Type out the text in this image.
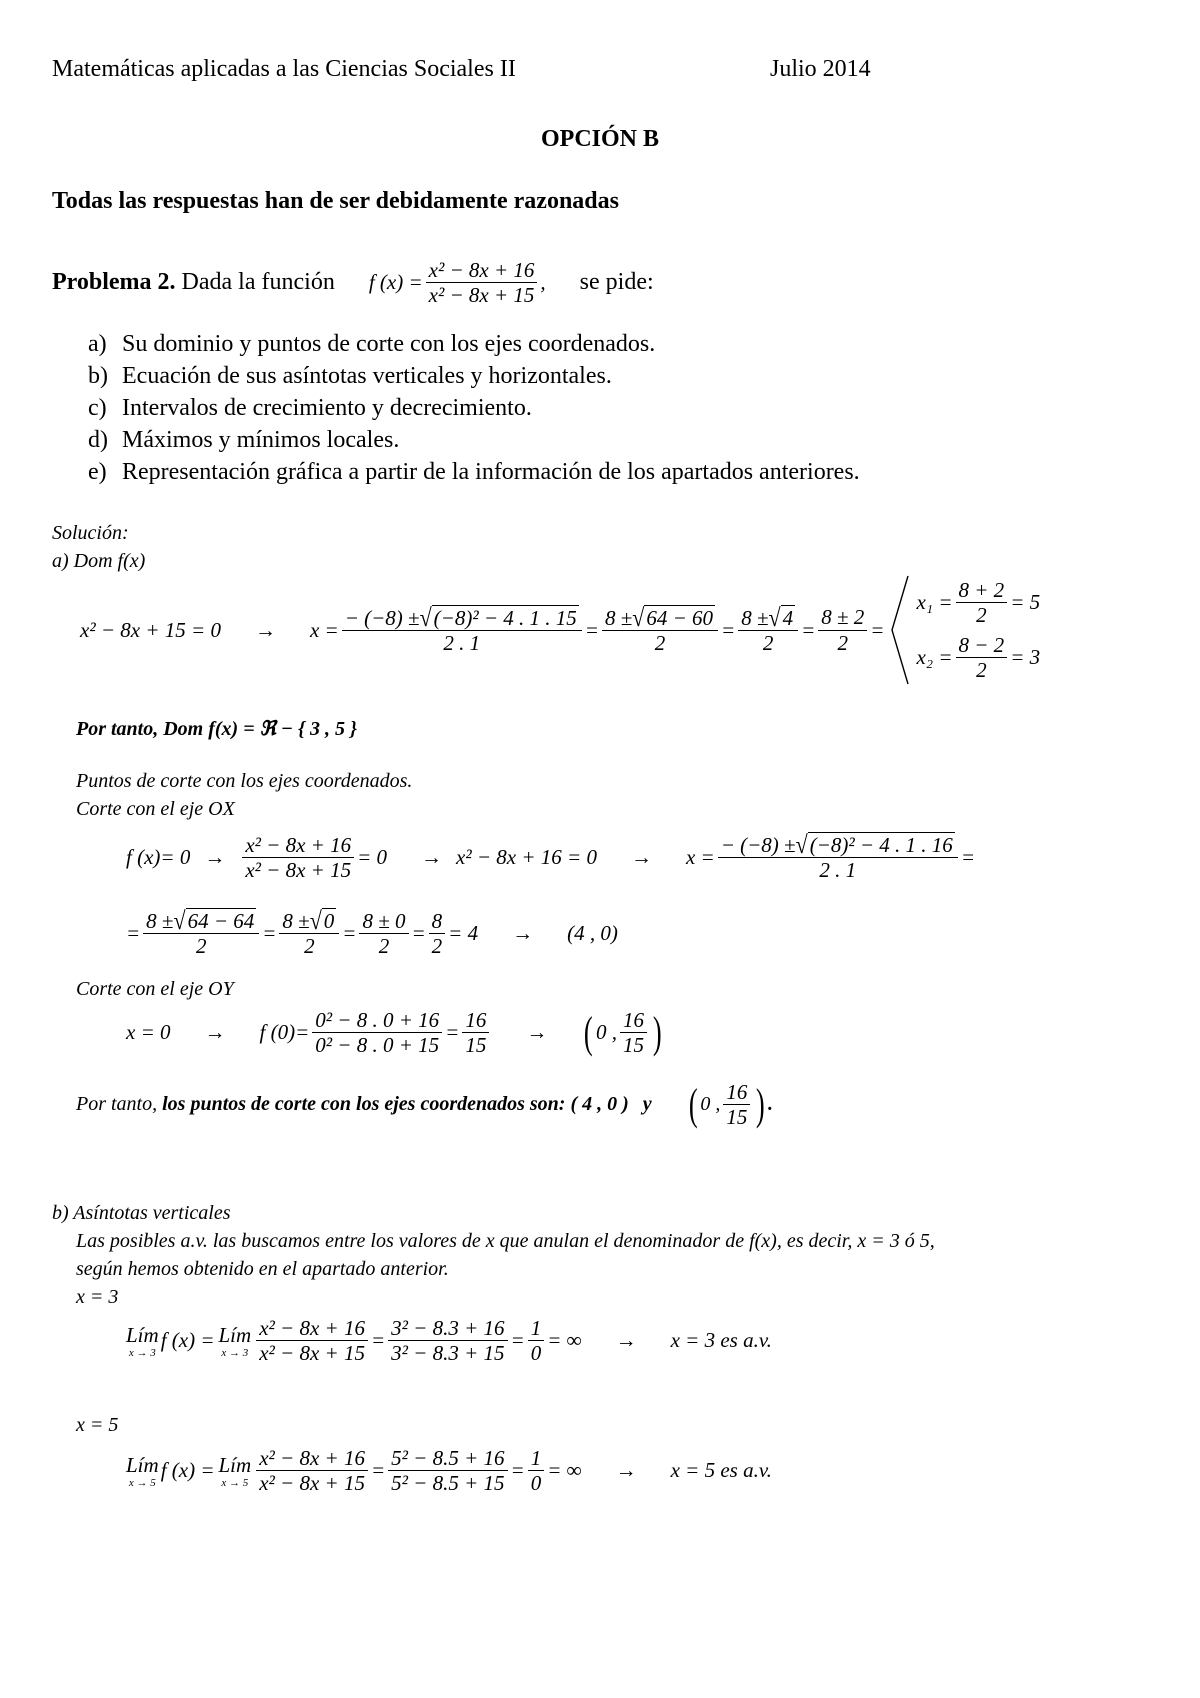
Matemáticas aplicadas a las Ciencias Sociales II	Julio 2014
OPCIÓN B
Todas las respuestas han de ser debidamente razonadas
Problema 2.
Dada la función f $(x) = \frac{\text{x² − 8x + 16}}{\text{x² − 8x + 15}}$ , se pide:
a) Su dominio y puntos de corte con los ejes coordenados.
b) Ecuación de sus asíntotas verticales y horizontales.
c) Intervalos de crecimiento y decrecimiento.
d) Máximos y mínimos locales.
e) Representación gráfica a partir de la información de los apartados anteriores.
Solución:
a) Dom f(x)
$x^2 - 8x + 15 = 0 \to x = \frac{\text{− (−8) ± √ (−8)² − 4 . 1 . 15}}{2 . 1} = \frac{8 \pm √ 64 - 60}{2} = \frac{8 \pm √ 4}{2} = \frac{8 \pm 2}{2}$ =
$x_1 = \frac{8 + 2}{2} = 5$
$x_2 = \frac{8 - 2}{2} = 3$
Por tanto, Dom f(x) = ℜ − { 3 , 5 }
Puntos de corte con los ejes coordenados.
Corte con el eje OX
f $(x)= 0 \to \frac{\text{x² − 8x + 16}}{\text{x² − 8x + 15}} = 0 \to x^2 - 8x + 16 = 0 \to x = \frac{\text{− (−8) ± √ (−8)² − 4 . 1 . 16}}{2 . 1}$ =
= $\frac{8 \pm √ 64 - 64}{2} = \frac{8 \pm √ 0}{2} = \frac{8 \pm 0}{2} = \frac{8}{2} = 4 \to (4$ , 0)
Corte con el eje OY
x = 0 → f $(0)= \frac{\text{0² − 8 . 0 + 16}}{\text{0² − 8 . 0 + 15}} = \frac{16}{15}$ → ( 0 , $\frac{16}{15}$ )
Por tanto,
los puntos de corte con los ejes coordenados son: ( 4 , 0 ) y ( 0 , $\frac{16}{15}$ ) .
b) Asíntotas verticales
Las posibles a.v. las buscamos entre los valores de x que anulan el denominador de f(x), es decir, x = 3 ó 5,
según hemos obtenido en el apartado anterior.
x = 3
Lím
x → 3
f (x) = Lím
$x \to 3 \frac{\text{x² − 8x + 16}}{\text{x² − 8x + 15}} = \frac{\text{3² − 8.3 + 16}}{\text{3² − 8.3 + 15}} = \frac{1}{0}$ = ∞ → x = 3 es a.v.
x = 5
Lím
x → 5
f (x) = Lím
$x \to 5 \frac{\text{x² − 8x + 16}}{\text{x² − 8x + 15}} = \frac{\text{5² − 8.5 + 16}}{\text{5² − 8.5 + 15}} = \frac{1}{0}$ = ∞ → x = 5 es a.v.
